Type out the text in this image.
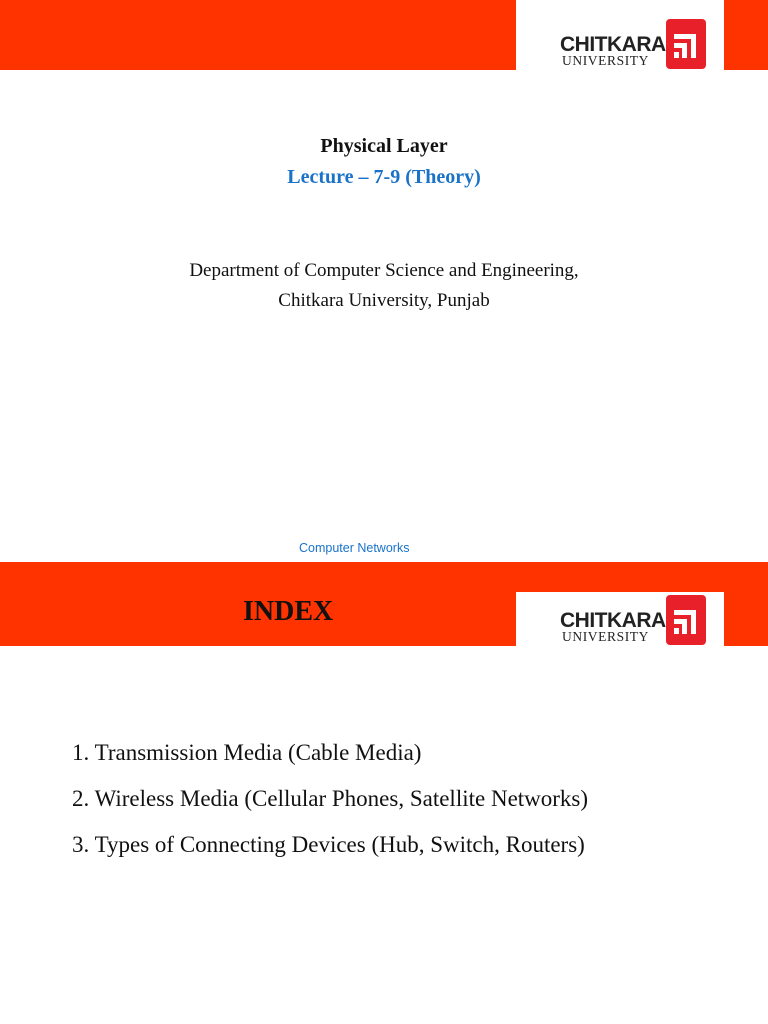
CHITKARA
UNIVERSITY
Physical Layer
Lecture – 7-9 (Theory)
Department of Computer Science and Engineering,
Chitkara University, Punjab
Computer Networks
CHITKARA
UNIVERSITY
INDEX
1. Transmission Media (Cable Media)
2. Wireless Media (Cellular Phones, Satellite Networks)
3. Types of Connecting Devices (Hub, Switch, Routers)
